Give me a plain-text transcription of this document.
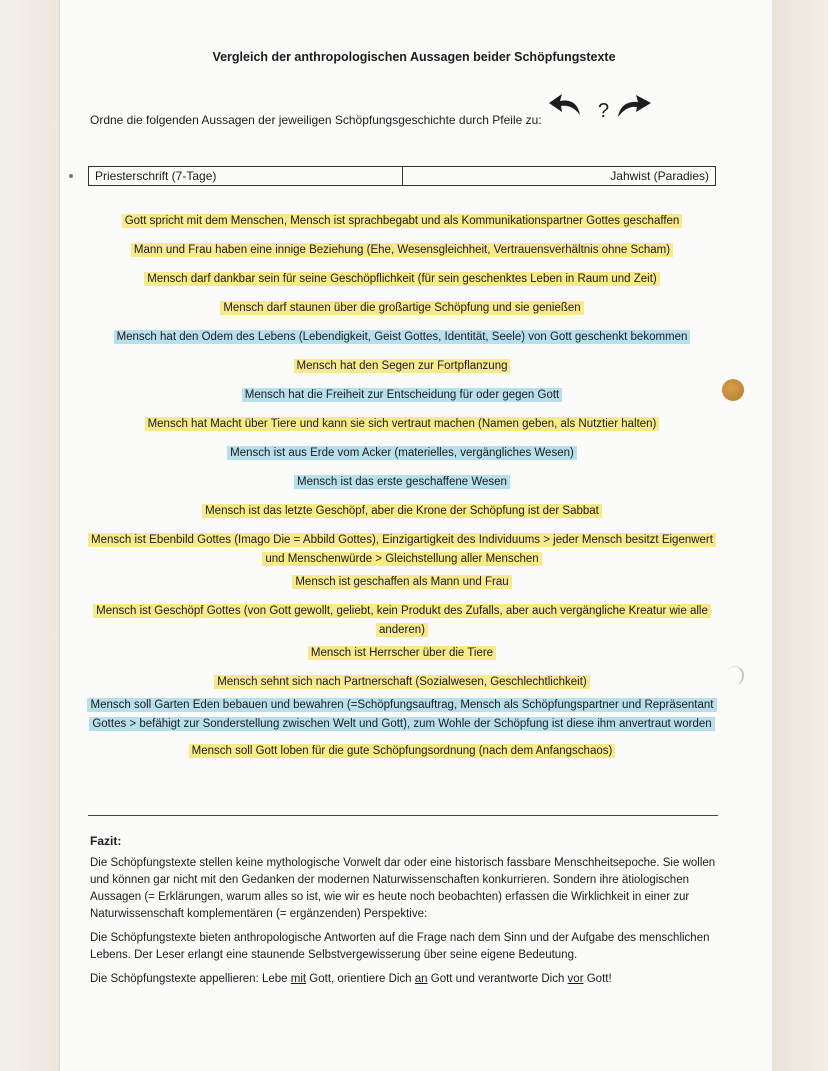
Vergleich der anthropologischen Aussagen beider Schöpfungstexte
Ordne die folgenden Aussagen der jeweiligen Schöpfungsgeschichte durch Pfeile zu:	?
Priesterschrift (7-Tage)	Jahwist (Paradies)
Gott spricht mit dem Menschen, Mensch ist sprachbegabt und als Kommunikationspartner Gottes geschaffen
Mann und Frau haben eine innige Beziehung (Ehe, Wesensgleichheit, Vertrauensverhältnis ohne Scham)
Mensch darf dankbar sein für seine Geschöpflichkeit (für sein geschenktes Leben in Raum und Zeit)
Mensch darf staunen über die großartige Schöpfung und sie genießen
Mensch hat den Odem des Lebens (Lebendigkeit, Geist Gottes, Identität, Seele) von Gott geschenkt bekommen
Mensch hat den Segen zur Fortpflanzung
Mensch hat die Freiheit zur Entscheidung für oder gegen Gott
Mensch hat Macht über Tiere und kann sie sich vertraut machen (Namen geben, als Nutztier halten)
Mensch ist aus Erde vom Acker (materielles, vergängliches Wesen)
Mensch ist das erste geschaffene Wesen
Mensch ist das letzte Geschöpf, aber die Krone der Schöpfung ist der Sabbat
Mensch ist Ebenbild Gottes (Imago Die = Abbild Gottes), Einzigartigkeit des Individuums > jeder Mensch besitzt Eigenwert und Menschenwürde > Gleichstellung aller Menschen
Mensch ist geschaffen als Mann und Frau
Mensch ist Geschöpf Gottes (von Gott gewollt, geliebt, kein Produkt des Zufalls, aber auch vergängliche Kreatur wie alle anderen)
Mensch ist Herrscher über die Tiere
Mensch sehnt sich nach Partnerschaft (Sozialwesen, Geschlechtlichkeit)
Mensch soll Garten Eden bebauen und bewahren (=Schöpfungsauftrag, Mensch als Schöpfungspartner und Repräsentant Gottes > befähigt zur Sonderstellung zwischen Welt und Gott), zum Wohle der Schöpfung ist diese ihm anvertraut worden
Mensch soll Gott loben für die gute Schöpfungsordnung (nach dem Anfangschaos)
Fazit:

Die Schöpfungstexte stellen keine mythologische Vorwelt dar oder eine historisch fassbare Menschheitsepoche. Sie wollen und können gar nicht mit den Gedanken der modernen Naturwissenschaften konkurrieren. Sondern ihre ätiologischen Aussagen (= Erklärungen, warum alles so ist, wie wir es heute noch beobachten) erfassen die Wirklichkeit in einer zur Naturwissenschaft komplementären (= ergänzenden) Perspektive:

Die Schöpfungstexte bieten anthropologische Antworten auf die Frage nach dem Sinn und der Aufgabe des menschlichen Lebens. Der Leser erlangt eine staunende Selbstvergewisserung über seine eigene Bedeutung.

Die Schöpfungstexte appellieren: Lebe mit Gott, orientiere Dich an Gott und verantworte Dich vor Gott!
